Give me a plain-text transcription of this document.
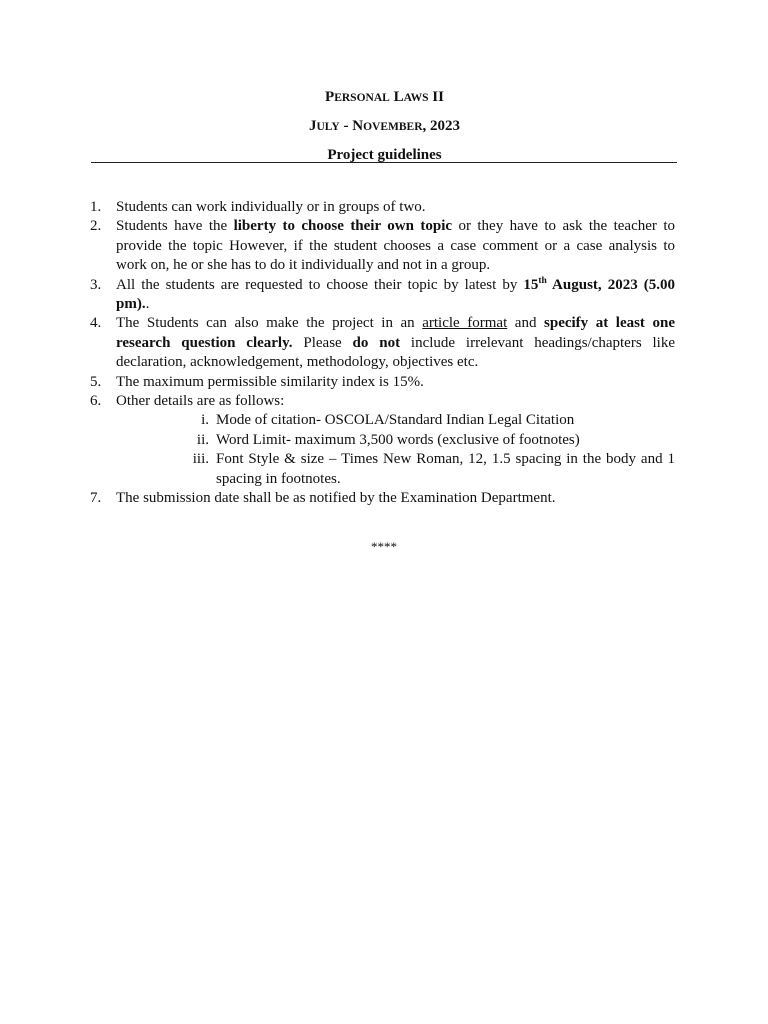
PERSONAL LAWS II
JULY - NOVEMBER, 2023
Project guidelines
1. Students can work individually or in groups of two.
2. Students have the liberty to choose their own topic or they have to ask the teacher to
provide the topic However, if the student chooses a case comment or a case analysis to
work on, he or she has to do it individually and not in a group.
3. All the students are requested to choose their topic by latest by 15th August, 2023 (5.00
pm)..
4. The Students can also make the project in an article format and specify at least one
research question clearly. Please do not include irrelevant headings/chapters like
declaration, acknowledgement, methodology, objectives etc.
5. The maximum permissible similarity index is 15%.
6. Other details are as follows:
i. Mode of citation- OSCOLA/Standard Indian Legal Citation
ii. Word Limit- maximum 3,500 words (exclusive of footnotes)
iii. Font Style & size – Times New Roman, 12, 1.5 spacing in the body and 1
spacing in footnotes.
7. The submission date shall be as notified by the Examination Department.
****
